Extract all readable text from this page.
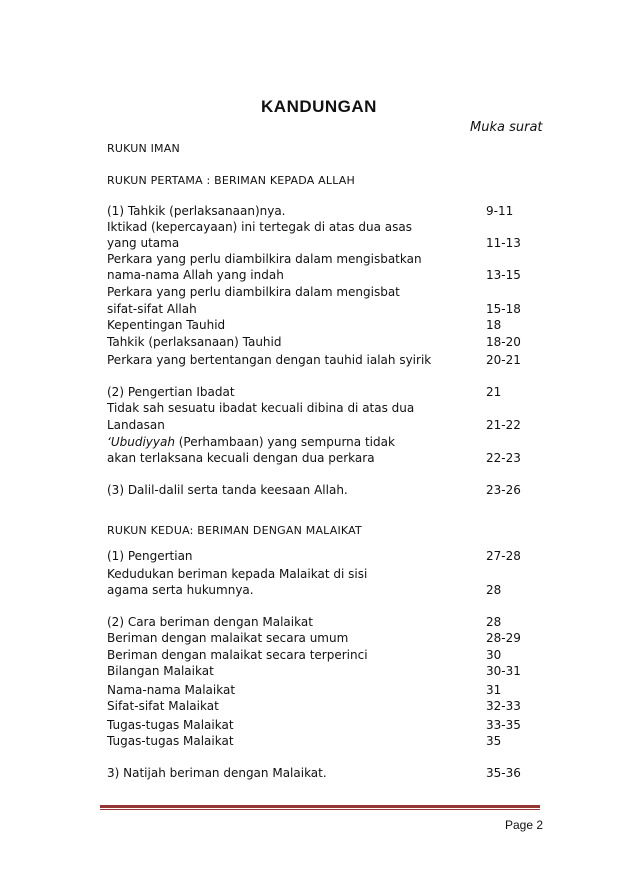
KANDUNGAN
Muka surat
RUKUN IMAN
RUKUN PERTAMA : BERIMAN KEPADA ALLAH
(1) Tahkik (perlaksanaan)nya.	9-11
Iktikad (kepercayaan) ini tertegak di atas dua asas
yang utama	11-13
Perkara yang perlu diambilkira dalam mengisbatkan
nama-nama Allah yang indah	13-15
Perkara yang perlu diambilkira dalam mengisbat
sifat-sifat Allah	15-18
Kepentingan Tauhid	18
Tahkik (perlaksanaan) Tauhid	18-20
Perkara yang bertentangan dengan tauhid ialah syirik	20-21
(2) Pengertian Ibadat	21
Tidak sah sesuatu ibadat kecuali dibina di atas dua
Landasan	21-22
‘Ubudiyyah (Perhambaan) yang sempurna tidak
akan terlaksana kecuali dengan dua perkara	22-23
(3) Dalil-dalil serta tanda keesaan Allah.	23-26
RUKUN KEDUA: BERIMAN DENGAN MALAIKAT
(1) Pengertian	27-28
Kedudukan beriman kepada Malaikat di sisi
agama serta hukumnya.	28
(2) Cara beriman dengan Malaikat	28
Beriman dengan malaikat secara umum	28-29
Beriman dengan malaikat secara terperinci	30
Bilangan Malaikat	30-31
Nama-nama Malaikat	31
Sifat-sifat Malaikat	32-33
Tugas-tugas Malaikat	33-35
Tugas-tugas Malaikat	35
3) Natijah beriman dengan Malaikat.	35-36
Page 2
